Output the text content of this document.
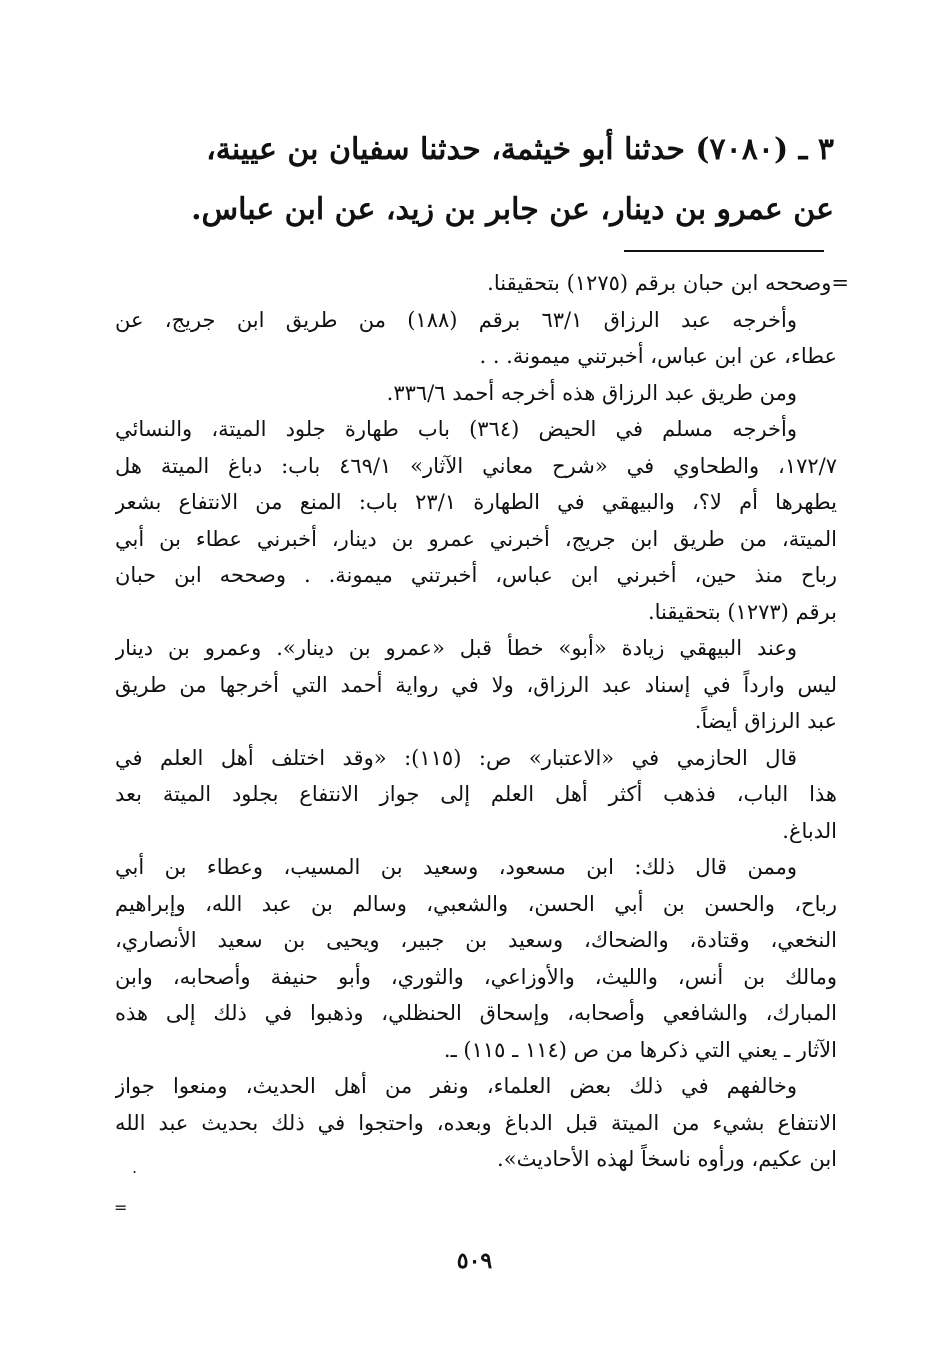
٣ ـ (٧٠٨٠) حدثنا أبو خيثمة، حدثنا سفيان بن عيينة،
عن عمرو بن دينار، عن جابر بن زيد، عن ابن عباس.
=وصححه ابن حبان برقم (١٢٧٥) بتحقيقنا.
وأخرجه عبد الرزاق ٦٣/١ برقم (١٨٨) من طريق ابن جريج، عن
عطاء، عن ابن عباس، أخبرتني ميمونة. . .
ومن طريق عبد الرزاق هذه أخرجه أحمد ٣٣٦/٦.
وأخرجه مسلم في الحيض (٣٦٤) باب طهارة جلود الميتة، والنسائي
١٧٢/٧، والطحاوي في «شرح معاني الآثار» ٤٦٩/١ باب: دباغ الميتة هل
يطهرها أم لا؟، والبيهقي في الطهارة ٢٣/١ باب: المنع من الانتفاع بشعر
الميتة، من طريق ابن جريج، أخبرني عمرو بن دينار، أخبرني عطاء بن أبي
رباح منذ حين، أخبرني ابن عباس، أخبرتني ميمونة. . وصححه ابن حبان
برقم (١٢٧٣) بتحقيقنا.
وعند البيهقي زيادة «أبو» خطأ قبل «عمرو بن دينار». وعمرو بن دينار
ليس وارداً في إسناد عبد الرزاق، ولا في رواية أحمد التي أخرجها من طريق
عبد الرزاق أيضاً.
قال الحازمي في «الاعتبار» ص: (١١٥): «وقد اختلف أهل العلم في
هذا الباب، فذهب أكثر أهل العلم إلى جواز الانتفاع بجلود الميتة بعد
الدباغ.
وممن قال ذلك: ابن مسعود، وسعيد بن المسيب، وعطاء بن أبي
رباح، والحسن بن أبي الحسن، والشعبي، وسالم بن عبد الله، وإبراهيم
النخعي، وقتادة، والضحاك، وسعيد بن جبير، ويحيى بن سعيد الأنصاري،
ومالك بن أنس، والليث، والأوزاعي، والثوري، وأبو حنيفة وأصحابه، وابن
المبارك، والشافعي وأصحابه، وإسحاق الحنظلي، وذهبوا في ذلك إلى هذه
الآثار ـ يعني التي ذكرها من ص (١١٤ ـ ١١٥) ـ.
وخالفهم في ذلك بعض العلماء، ونفر من أهل الحديث، ومنعوا جواز
الانتفاع بشيء من الميتة قبل الدباغ وبعده، واحتجوا في ذلك بحديث عبد الله
ابن عكيم، ورأوه ناسخاً لهذه الأحاديث».
.
=
٥٠٩
